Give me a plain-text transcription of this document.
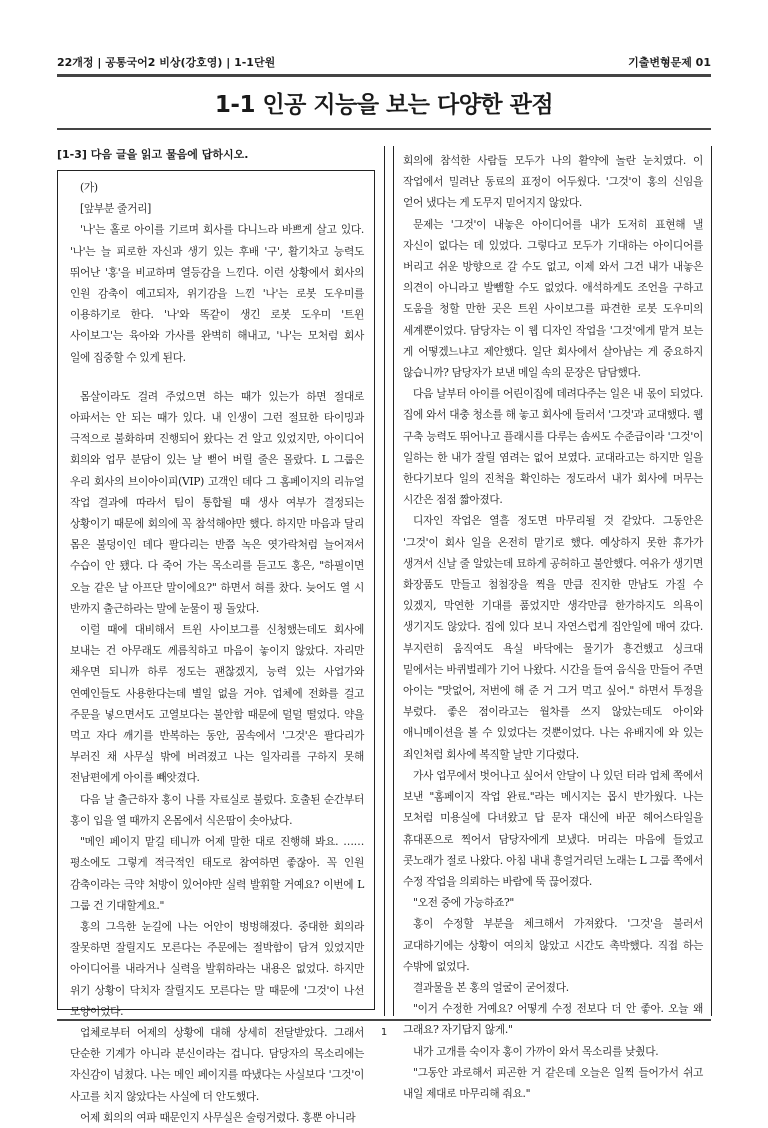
22개정 | 공통국어2 비상(강호영) | 1-1단원	기출변형문제 01
1-1 인공 지능을 보는 다양한 관점
[1-3] 다음 글을 읽고 물음에 답하시오.

(가)

[앞부분 줄거리]

'나'는 홀로 아이를 기르며 회사를 다니느라 바쁘게 살고 있다. '나'는 늘 피로한 자신과 생기 있는 후배 '구', 활기차고 능력도 뛰어난 '홍'을 비교하며 열등감을 느낀다. 이런 상황에서 회사의 인원 감축이 예고되자, 위기감을 느낀 '나'는 로봇 도우미를 이용하기로 한다. '나'와 똑같이 생긴 로봇 도우미 '트윈 사이보그'는 육아와 가사를 완벽히 해내고, '나'는 모처럼 회사 일에 집중할 수 있게 된다.

몸살이라도 걸려 주었으면 하는 때가 있는가 하면 절대로 아파서는 안 되는 때가 있다. 내 인생이 그런 절묘한 타이밍과 극적으로 불화하며 진행되어 왔다는 건 알고 있었지만, 아이디어 회의와 업무 분담이 있는 날 뻗어 버릴 줄은 몰랐다. L 그룹은 우리 회사의 브이아이피(VIP) 고객인 데다 그 홈페이지의 리뉴얼 작업 결과에 따라서 팀이 통합될 때 생사 여부가 결정되는 상황이기 때문에 회의에 꼭 참석해야만 했다. 하지만 마음과 달리 몸은 불덩이인 데다 팔다리는 반쯤 녹은 엿가락처럼 늘어져서 수습이 안 됐다. 다 죽어 가는 목소리를 듣고도 홍은, "하필이면 오늘 같은 날 아프단 말이에요?" 하면서 혀를 찼다. 늦어도 열 시 반까지 출근하라는 말에 눈물이 핑 돌았다.

이럴 때에 대비해서 트윈 사이보그를 신청했는데도 회사에 보내는 건 아무래도 께름칙하고 마음이 놓이지 않았다. 자리만 채우면 되니까 하루 정도는 괜찮겠지, 능력 있는 사업가와 연예인들도 사용한다는데 별일 없을 거야. 업체에 전화를 걸고 주문을 넣으면서도 고열보다는 불안함 때문에 덜덜 떨었다. 약을 먹고 자다 깨기를 반복하는 동안, 꿈속에서 '그것'은 팔다리가 부러진 채 사무실 밖에 버려졌고 나는 일자리를 구하지 못해 전남편에게 아이를 빼앗겼다.

다음 날 출근하자 홍이 나를 자료실로 불렀다. 호출된 순간부터 홍이 입을 열 때까지 온몸에서 식은땀이 솟아났다.

"메인 페이지 맡길 테니까 어제 말한 대로 진행해 봐요. …… 평소에도 그렇게 적극적인 태도로 참여하면 좋잖아. 꼭 인원 감축이라는 극약 처방이 있어야만 실력 발휘할 거예요? 이번에 L 그룹 건 기대할게요."

홍의 그윽한 눈길에 나는 어안이 벙벙해졌다. 중대한 회의라 잘못하면 잘릴지도 모른다는 주문에는 절박함이 담겨 있었지만 아이디어를 내라거나 실력을 발휘하라는 내용은 없었다. 하지만 위기 상황이 닥치자 잘릴지도 모른다는 말 때문에 '그것'이 나선 모양이었다.

업체로부터 어제의 상황에 대해 상세히 전달받았다. 그래서 단순한 기계가 아니라 분신이라는 겁니다. 담당자의 목소리에는 자신감이 넘쳤다. 나는 메인 페이지를 따냈다는 사실보다 '그것'이 사고를 치지 않았다는 사실에 더 안도했다.

어제 회의의 여파 때문인지 사무실은 술렁거렸다. 홍뿐 아니라

회의에 참석한 사람들 모두가 나의 활약에 놀란 눈치였다. 이 작업에서 밀려난 동료의 표정이 어두웠다. '그것'이 홍의 신임을 얻어 냈다는 게 도무지 믿어지지 않았다.

문제는 '그것'이 내놓은 아이디어를 내가 도저히 표현해 낼 자신이 없다는 데 있었다. 그렇다고 모두가 기대하는 아이디어를 버리고 쉬운 방향으로 갈 수도 없고, 이제 와서 그건 내가 내놓은 의견이 아니라고 발뺌할 수도 없었다. 애석하게도 조언을 구하고 도움을 청할 만한 곳은 트윈 사이보그를 파견한 로봇 도우미의 세계뿐이었다. 담당자는 이 웹 디자인 작업을 '그것'에게 맡겨 보는 게 어떻겠느냐고 제안했다. 일단 회사에서 살아남는 게 중요하지 않습니까? 담당자가 보낸 메일 속의 문장은 담담했다.

다음 날부터 아이를 어린이집에 데려다주는 일은 내 몫이 되었다. 집에 와서 대충 청소를 해 놓고 회사에 들러서 '그것'과 교대했다. 웹 구축 능력도 뛰어나고 플래시를 다루는 솜씨도 수준급이라 '그것'이 일하는 한 내가 잘릴 염려는 없어 보였다. 교대라고는 하지만 일을 한다기보다 일의 진척을 확인하는 정도라서 내가 회사에 머무는 시간은 점점 짧아졌다.

디자인 작업은 열흘 정도면 마무리될 것 같았다. 그동안은 '그것'이 회사 일을 온전히 맡기로 했다. 예상하지 못한 휴가가 생겨서 신날 줄 알았는데 묘하게 공허하고 불안했다. 여유가 생기면 화장품도 만들고 첨첨장을 찍을 만큼 진지한 만남도 가질 수 있겠지, 막연한 기대를 품었지만 생각만큼 한가하지도 의욕이 생기지도 않았다. 집에 있다 보니 자연스럽게 집안일에 매여 갔다. 부지런히 움직여도 욕실 바닥에는 물기가 흥건했고 싱크대 밑에서는 바퀴벌레가 기어 나왔다. 시간을 들여 음식을 만들어 주면 아이는 "맛없어, 저번에 해 준 거 그거 먹고 싶어." 하면서 투정을 부렸다. 좋은 점이라고는 월차를 쓰지 않았는데도 아이와 애니메이션을 볼 수 있었다는 것뿐이었다. 나는 유배지에 와 있는 죄인처럼 회사에 복직할 날만 기다렸다.

가사 업무에서 벗어나고 싶어서 안달이 나 있던 터라 업체 쪽에서 보낸 "홈페이지 작업 완료."라는 메시지는 몹시 반가웠다. 나는 모처럼 미용실에 다녀왔고 답 문자 대신에 바꾼 헤어스타일을 휴대폰으로 찍어서 담당자에게 보냈다. 머리는 마음에 들었고 콧노래가 절로 나왔다. 아침 내내 흥얼거리던 노래는 L 그룹 쪽에서 수정 작업을 의뢰하는 바람에 뚝 끊어졌다.

"오전 중에 가능하죠?"

홍이 수정할 부분을 체크해서 가져왔다. '그것'을 불러서 교대하기에는 상황이 여의치 않았고 시간도 촉박했다. 직접 하는 수밖에 없었다.

결과물을 본 홍의 얼굴이 굳어졌다.

"이거 수정한 거예요? 어떻게 수정 전보다 더 안 좋아. 오늘 왜 그래요? 자기답지 않게."

내가 고개를 숙이자 홍이 가까이 와서 목소리를 낮췄다.

"그동안 과로해서 피곤한 거 같은데 오늘은 일찍 들어가서 쉬고 내일 제대로 마무리해 줘요."

1
